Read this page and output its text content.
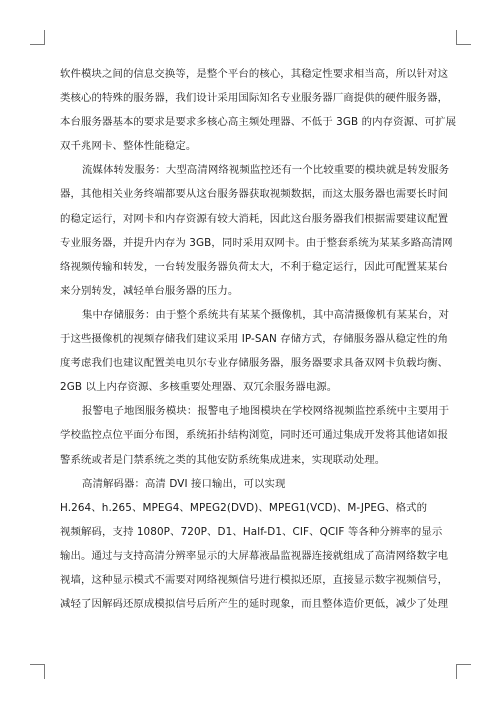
软件模块之间的信息交换等，是整个平台的核心，其稳定性要求相当高，所以针对这
类核心的特殊的服务器，我们设计采用国际知名专业服务器厂商提供的硬件服务器，
本台服务器基本的要求是要求多核心高主频处理器、不低于 3GB 的内存资源、可扩展
双千兆网卡、整体性能稳定。
流媒体转发服务：大型高清网络视频监控还有一个比较重要的模块就是转发服务
器，其他相关业务终端都要从这台服务器获取视频数据，而这太服务器也需要长时间
的稳定运行，对网卡和内存资源有较大消耗，因此这台服务器我们根据需要建议配置
专业服务器，并提升内存为 3GB，同时采用双网卡。由于整套系统为某某多路高清网
络视频传输和转发，一台转发服务器负荷太大，不利于稳定运行，因此可配置某某台
来分别转发，减轻单台服务器的压力。
集中存储服务：由于整个系统共有某某个摄像机，其中高清摄像机有某某台，对
于这些摄像机的视频存储我们建议采用 IP-SAN 存储方式，存储服务器从稳定性的角
度考虑我们也建议配置美电贝尔专业存储服务器，服务器要求具备双网卡负载均衡、
2GB 以上内存资源、多核重要处理器、双冗余服务器电源。
报警电子地图服务模块：报警电子地图模块在学校网络视频监控系统中主要用于
学校监控点位平面分布图，系统拓扑结构浏览，同时还可通过集成开发将其他诸如报
警系统或者是门禁系统之类的其他安防系统集成进来，实现联动处理。
高清解码器：高清 DVI 接口输出，可以实现
H.264、h.265、MPEG4、MPEG2(DVD)、MPEG1(VCD)、M-JPEG、格式的
视频解码，支持 1080P、720P、D1、Half-D1、CIF、QCIF 等各种分辨率的显示
输出。通过与支持高清分辨率显示的大屏幕液晶监视器连接就组成了高清网络数字电
视墙，这种显示模式不需要对网络视频信号进行模拟还原，直接显示数字视频信号，
减轻了因解码还原成模拟信号后所产生的延时现象，而且整体造价更低，减少了处理
